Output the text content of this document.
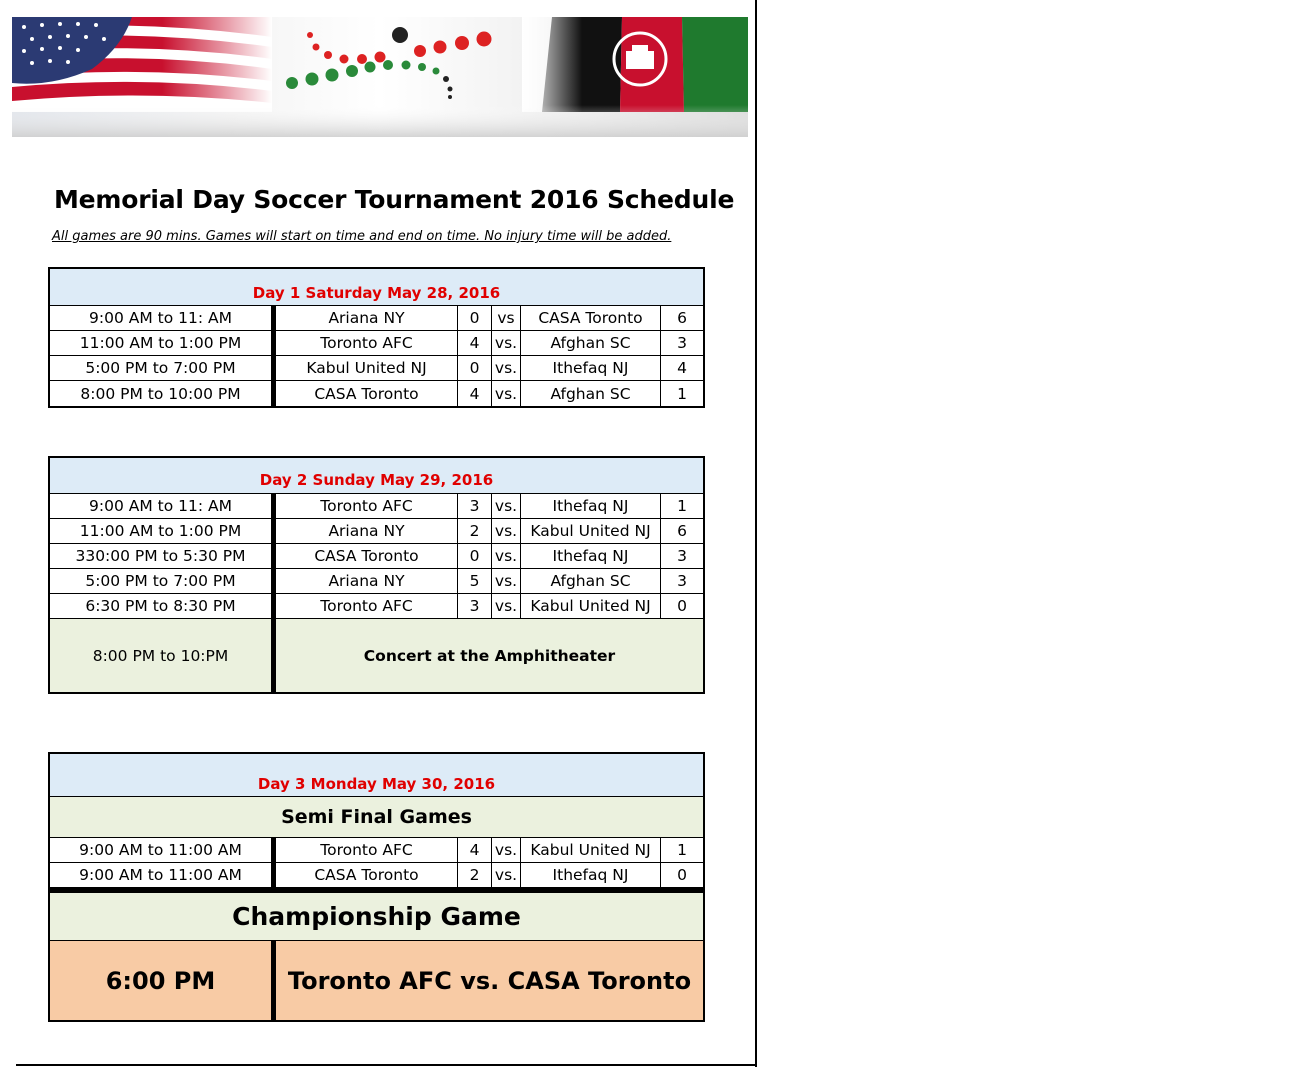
Memorial Day Soccer Tournament 2016 Schedule
All games are 90 mins. Games will start on time and end on time. No injury time will be added.
Day 1 Saturday May 28, 2016
9:00 AM to 11: AM	Ariana NY	0	vs	CASA Toronto	6
11:00 AM to 1:00 PM	Toronto AFC	4 vs.	Afghan SC	3
5:00 PM to 7:00 PM	Kabul United NJ	0 vs.	Ithefaq NJ	4
8:00 PM to 10:00 PM	CASA Toronto	4 vs.	Afghan SC	1
Day 2 Sunday May 29, 2016
9:00 AM to 11: AM	Toronto AFC	3 vs.	Ithefaq NJ	1
11:00 AM to 1:00 PM	Ariana NY	2 vs. Kabul United NJ	6
330:00 PM to 5:30 PM	CASA Toronto	0 vs.	Ithefaq NJ	3
5:00 PM to 7:00 PM	Ariana NY	5 vs.	Afghan SC	3
6:30 PM to 8:30 PM	Toronto AFC	3 vs. Kabul United NJ	0
8:00 PM to 10:PM	Concert at the Amphitheater
Day 3 Monday May 30, 2016
Semi Final Games
9:00 AM to 11:00 AM	Toronto AFC	4 vs. Kabul United NJ	1
9:00 AM to 11:00 AM	CASA Toronto	2 vs.	Ithefaq NJ	0
Championship Game
6:00 PM	Toronto AFC vs. CASA Toronto
